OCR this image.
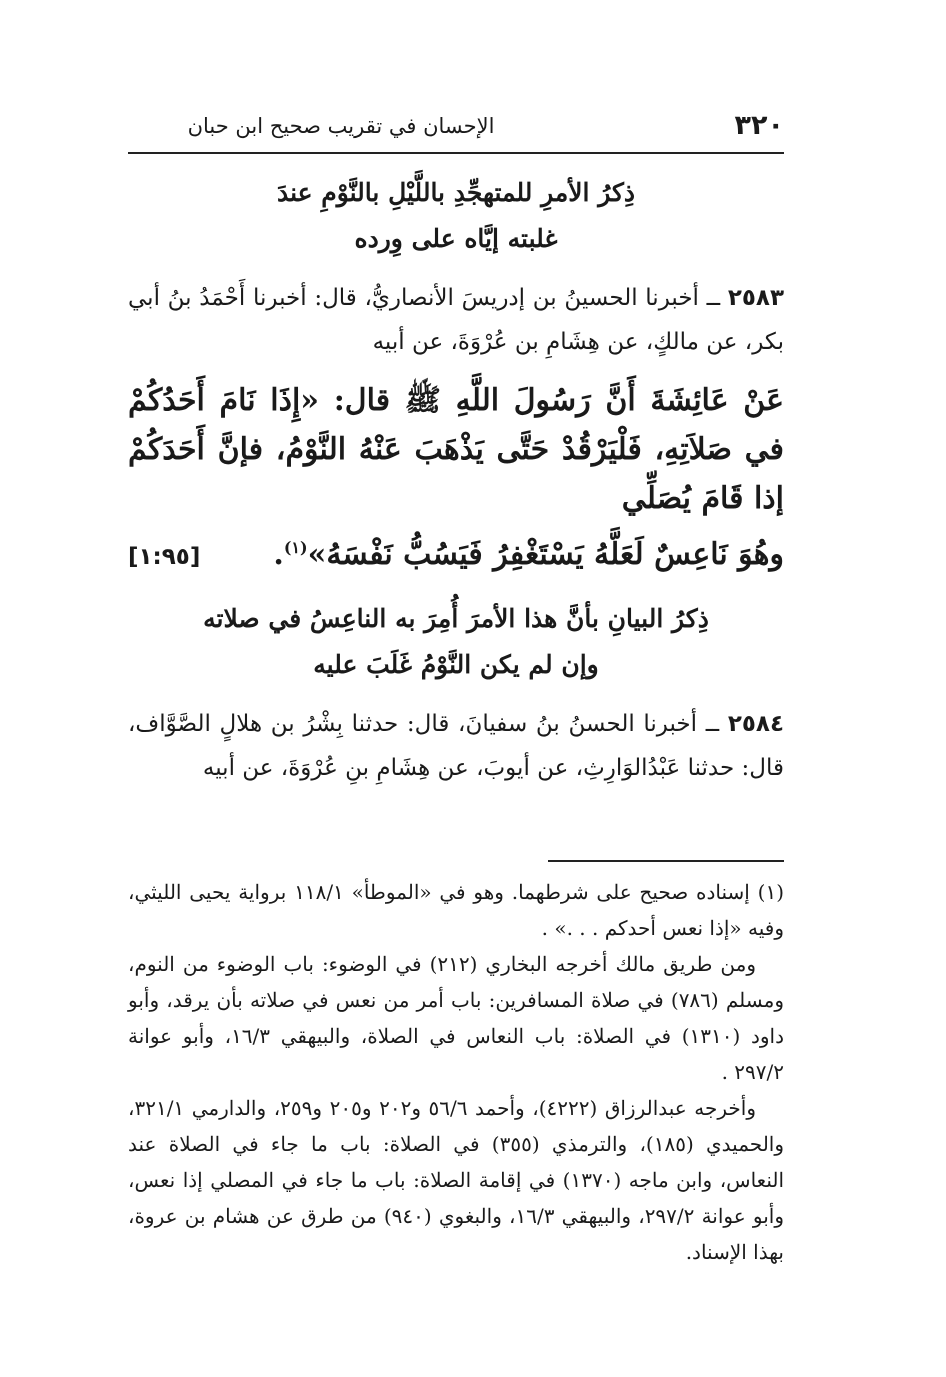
٣٢٠
الإحسان في تقريب صحيح ابن حبان
ذِكرُ الأمرِ للمتهجِّدِ باللَّيْلِ بالنَّوْمِ عندَ
غلبته إيَّاه على وِرده

٢٥٨٣ ــ أخبرنا الحسينُ بن إدريسَ الأنصاريُّ، قال: أخبرنا أَحْمَدُ بنُ أبي بكر، عن مالكٍ، عن هِشَامِ بن عُرْوَةَ، عن أبيه

عَنْ عَائِشَةَ أَنَّ رَسُولَ اللَّهِ ﷺ قال: «إِذَا نَامَ أَحَدُكُمْ في صَلاَتِهِ، فَلْيَرْقُدْ حَتَّى يَذْهَبَ عَنْهُ النَّوْمُ، فإنَّ أَحَدَكُمْ إذا قَامَ يُصَلِّي
وهُوَ نَاعِسٌ لَعَلَّهُ يَسْتَغْفِرُ فَيَسُبُّ نَفْسَهُ»$^{(١)}$.
[١:٩٥]
ذِكرُ البيانِ بأنَّ هذا الأمرَ أُمِرَ به الناعِسُ في صلاته
وإن لم يكن النَّوْمُ غَلَبَ عليه

٢٥٨٤ ــ أخبرنا الحسنُ بنُ سفيانَ، قال: حدثنا بِشْرُ بن هلالٍ الصَّوَّاف، قال: حدثنا عَبْدُالوَارِثِ، عن أيوبَ، عن هِشَامِ بنِ عُرْوَةَ، عن أبيه

(١) إسناده صحيح على شرطهما. وهو في «الموطأ» ١١٨/١ برواية يحيى الليثي، وفيه «إذا نعس أحدكم . . .» .

ومن طريق مالك أخرجه البخاري (٢١٢) في الوضوء: باب الوضوء من النوم، ومسلم (٧٨٦) في صلاة المسافرين: باب أمر من نعس في صلاته بأن يرقد، وأبو داود (١٣١٠) في الصلاة: باب النعاس في الصلاة، والبيهقي ١٦/٣، وأبو عوانة ٢٩٧/٢ .

وأخرجه عبدالرزاق (٤٢٢٢)، وأحمد ٥٦/٦ و٢٠٢ و٢٠٥ و٢٥٩، والدارمي ٣٢١/١، والحميدي (١٨٥)، والترمذي (٣٥٥) في الصلاة: باب ما جاء في الصلاة عند النعاس، وابن ماجه (١٣٧٠) في إقامة الصلاة: باب ما جاء في المصلي إذا نعس، وأبو عوانة ٢٩٧/٢، والبيهقي ١٦/٣، والبغوي (٩٤٠) من طرق عن هشام بن عروة، بهذا الإسناد.
